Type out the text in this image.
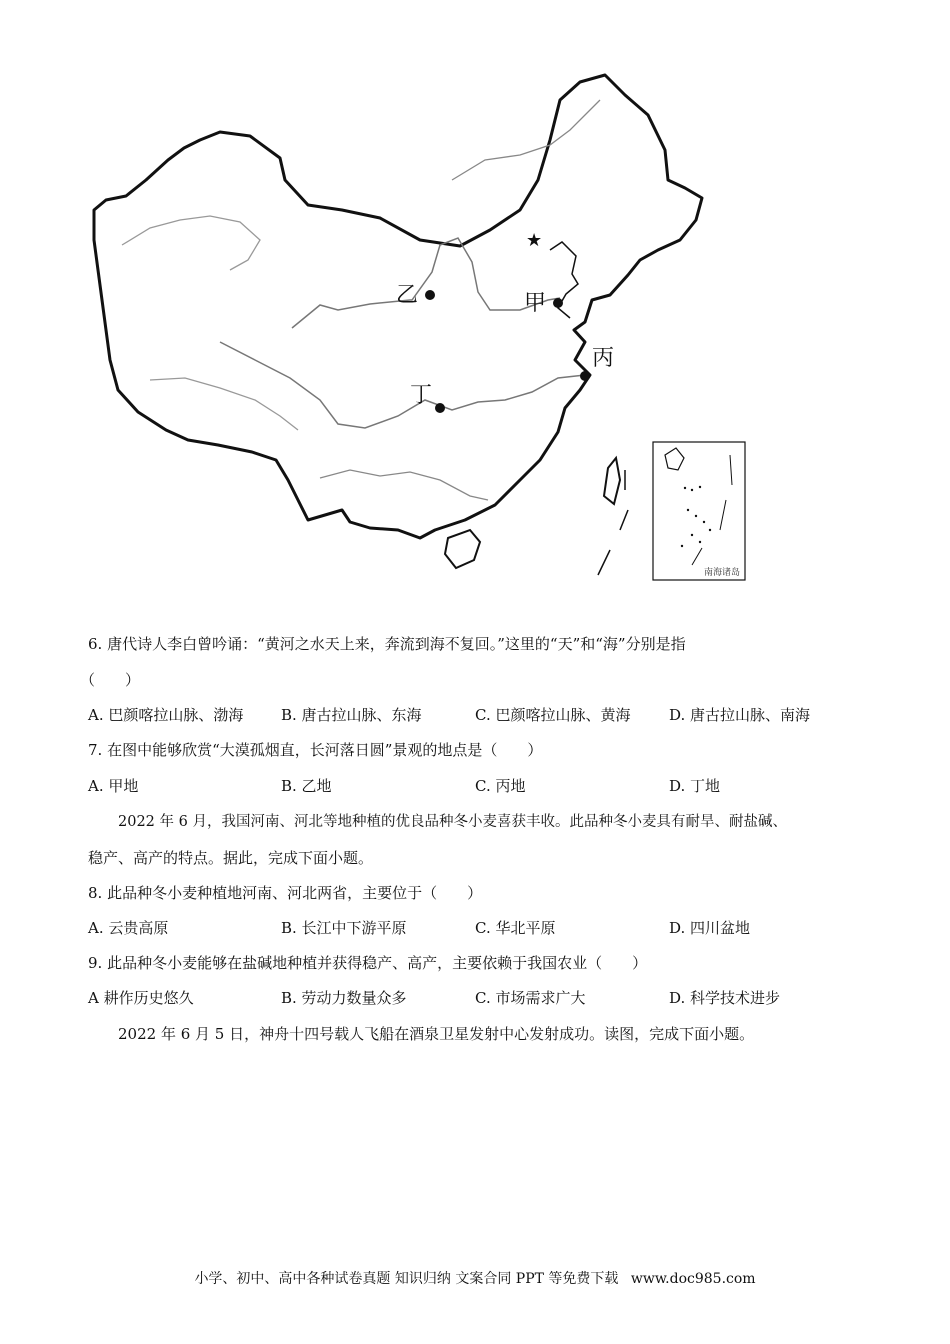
★
甲
乙
丙
丁
南海诸岛
6. 唐代诗人李白曾吟诵：“黄河之水天上来，奔流到海不复回。”这里的“天”和“海”分别是指
（　　）
A. 巴颜喀拉山脉、渤海	B. 唐古拉山脉、东海	C. 巴颜喀拉山脉、黄海	D. 唐古拉山脉、南海
7. 在图中能够欣赏“大漠孤烟直，长河落日圆”景观的地点是（　　）
A. 甲地	B. 乙地	C. 丙地	D. 丁地
2022 年 6 月，我国河南、河北等地种植的优良品种冬小麦喜获丰收。此品种冬小麦具有耐旱、耐盐碱、
稳产、高产的特点。据此，完成下面小题。
8. 此品种冬小麦种植地河南、河北两省，主要位于（　　）
A. 云贵高原	B. 长江中下游平原	C. 华北平原	D. 四川盆地
9. 此品种冬小麦能够在盐碱地种植并获得稳产、高产，主要依赖于我国农业（　　）
A 耕作历史悠久	B. 劳动力数量众多	C. 市场需求广大	D. 科学技术进步
2022 年 6 月 5 日，神舟十四号载人飞船在酒泉卫星发射中心发射成功。读图，完成下面小题。
小学、初中、高中各种试卷真题 知识归纳 文案合同 PPT 等免费下载 www.doc985.com
